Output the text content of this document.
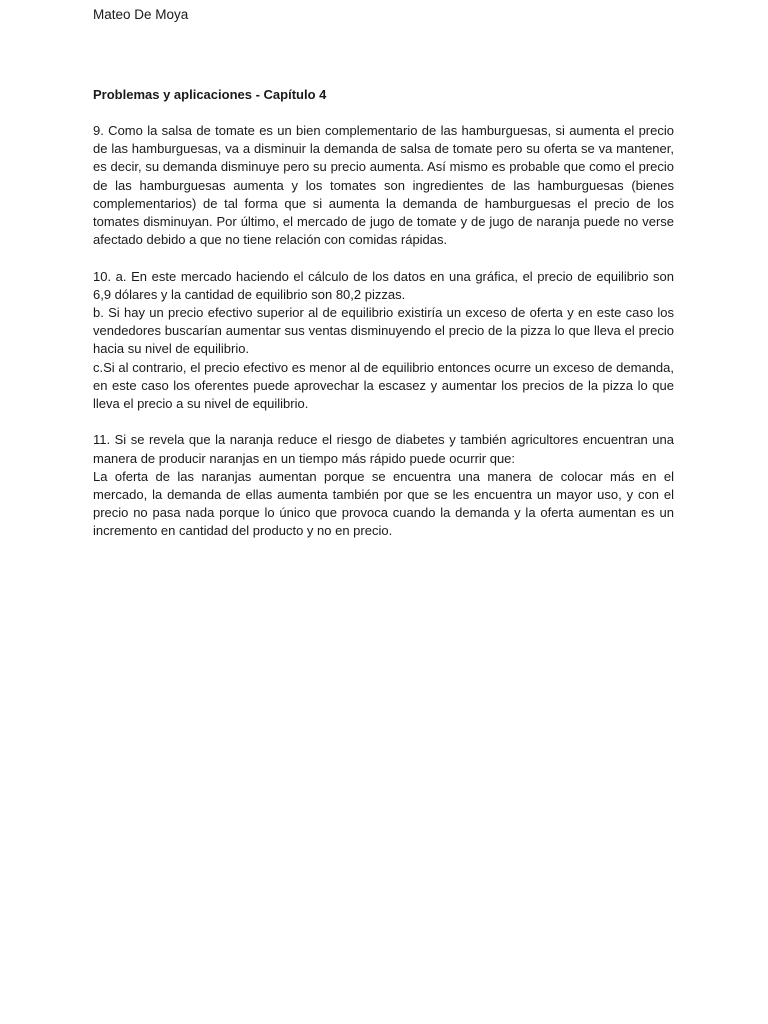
Mateo De Moya
Problemas y aplicaciones - Capítulo 4

9. Como la salsa de tomate es un bien complementario de las hamburguesas, si aumenta el precio de las hamburguesas, va a disminuir la demanda de salsa de tomate pero su oferta se va mantener, es decir, su demanda disminuye pero su precio aumenta. Así mismo es probable que como el precio de las hamburguesas aumenta y los tomates son ingredientes de las hamburguesas (bienes complementarios) de tal forma que si aumenta la demanda de hamburguesas el precio de los tomates disminuyan. Por último, el mercado de jugo de tomate y de jugo de naranja puede no verse afectado debido a que no tiene relación con comidas rápidas.

10. a. En este mercado haciendo el cálculo de los datos en una gráfica, el precio de equilibrio son 6,9 dólares y la cantidad de equilibrio son 80,2 pizzas.

b. Si hay un precio efectivo superior al de equilibrio existiría un exceso de oferta y en este caso los vendedores buscarían aumentar sus ventas disminuyendo el precio de la pizza lo que lleva el precio hacia su nivel de equilibrio.

c.Si al contrario, el precio efectivo es menor al de equilibrio entonces ocurre un exceso de demanda, en este caso los oferentes puede aprovechar la escasez y aumentar los precios de la pizza lo que lleva el precio a su nivel de equilibrio.

11. Si se revela que la naranja reduce el riesgo de diabetes y también agricultores encuentran una manera de producir naranjas en un tiempo más rápido puede ocurrir que:

La oferta de las naranjas aumentan porque se encuentra una manera de colocar más en el mercado, la demanda de ellas aumenta también por que se les encuentra un mayor uso, y con el precio no pasa nada porque lo único que provoca cuando la demanda y la oferta aumentan es un incremento en cantidad del producto y no en precio.
